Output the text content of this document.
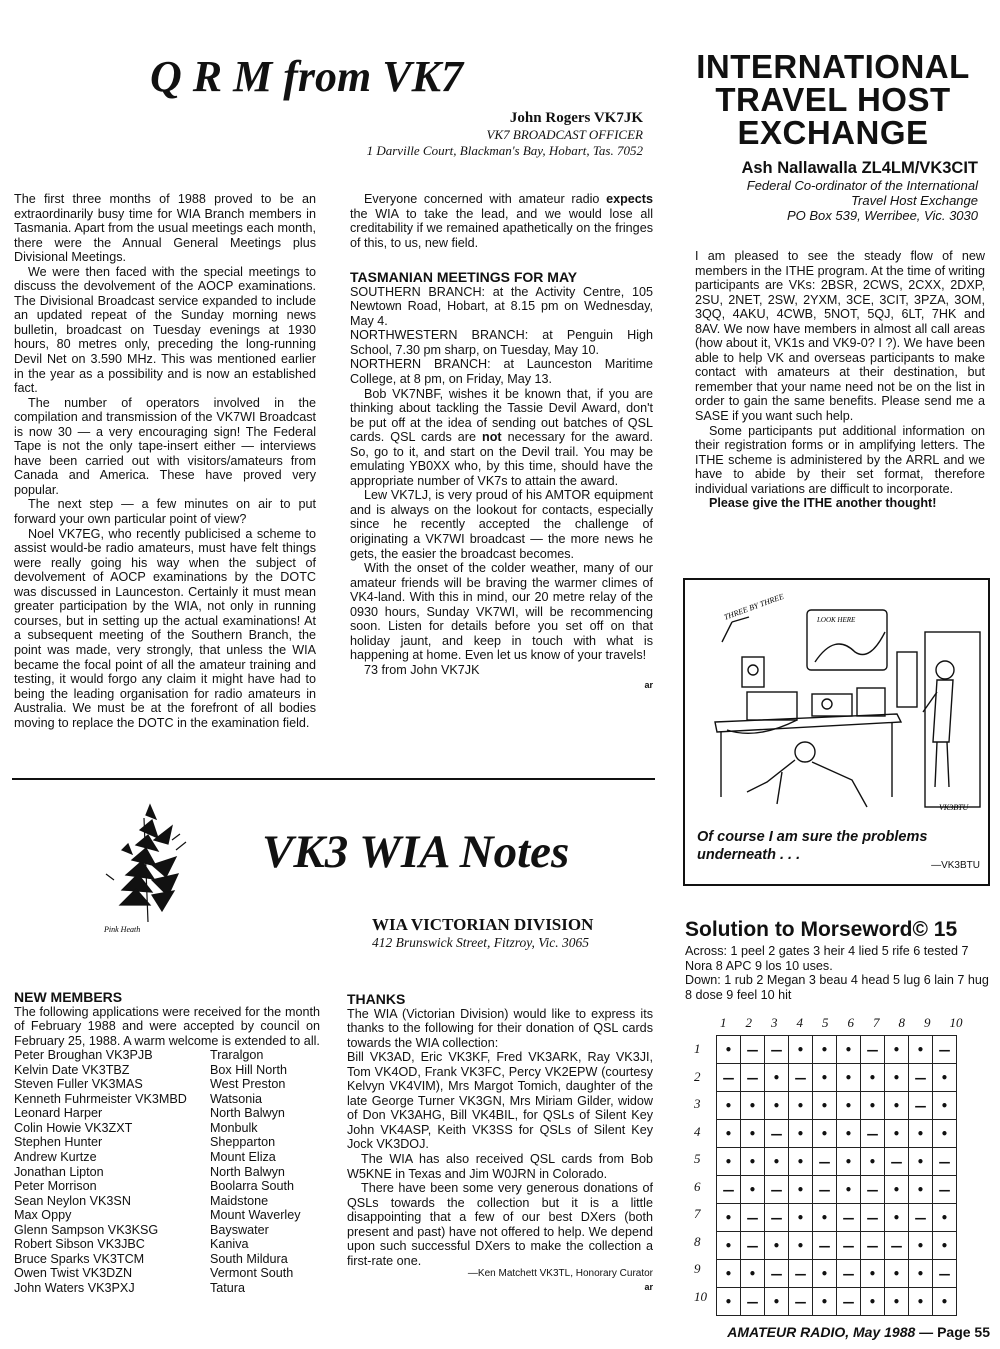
Q R M from VK7
John Rogers VK7JK
VK7 BROADCAST OFFICER
1 Darville Court, Blackman's Bay, Hobart, Tas. 7052

The first three months of 1988 proved to be an extraordinarily busy time for WIA Branch members in Tasmania. Apart from the usual meetings each month, there were the Annual General Meetings plus Divisional Meetings.

We were then faced with the special meetings to discuss the devolvement of the AOCP examinations. The Divisional Broadcast service expanded to include an updated repeat of the Sunday morning news bulletin, broadcast on Tuesday evenings at 1930 hours, 80 metres only, preceding the long-running Devil Net on 3.590 MHz. This was mentioned earlier in the year as a possibility and is now an established fact.

The number of operators involved in the compilation and transmission of the VK7WI Broadcast is now 30 — a very encouraging sign! The Federal Tape is not the only tape-insert either — interviews have been carried out with visitors/amateurs from Canada and America. These have proved very popular.

The next step — a few minutes on air to put forward your own particular point of view?

Noel VK7EG, who recently publicised a scheme to assist would-be radio amateurs, must have felt things were really going his way when the subject of devolvement of AOCP examinations by the DOTC was discussed in Launceston. Certainly it must mean greater participation by the WIA, not only in running courses, but in setting up the actual examinations! At a subsequent meeting of the Southern Branch, the point was made, very strongly, that unless the WIA became the focal point of all the amateur training and testing, it would forgo any claim it might have had to being the leading organisation for radio amateurs in Australia. We must be at the forefront of all bodies moving to replace the DOTC in the examination field.

Everyone concerned with amateur radio expects the WIA to take the lead, and we would lose all creditability if we remained apathetically on the fringes of this, to us, new field.

TASMANIAN MEETINGS FOR MAY

SOUTHERN BRANCH: at the Activity Centre, 105 Newtown Road, Hobart, at 8.15 pm on Wednesday, May 4.

NORTHWESTERN BRANCH: at Penguin High School, 7.30 pm sharp, on Tuesday, May 10.

NORTHERN BRANCH: at Launceston Maritime College, at 8 pm, on Friday, May 13.

Bob VK7NBF, wishes it be known that, if you are thinking about tackling the Tassie Devil Award, don't be put off at the idea of sending out batches of QSL cards. QSL cards are not necessary for the award. So, go to it, and start on the Devil trail. You may be emulating YB0XX who, by this time, should have the appropriate number of VK7s to attain the award.

Lew VK7LJ, is very proud of his AMTOR equipment and is always on the lookout for contacts, especially since he recently accepted the challenge of originating a VK7WI broadcast — the more news he gets, the easier the broadcast becomes.

With the onset of the colder weather, many of our amateur friends will be braving the warmer climes of VK4-land. With this in mind, our 20 metre relay of the 0930 hours, Sunday VK7WI, will be recommencing soon. Listen for details before you set off on that holiday jaunt, and keep in touch with what is happening at home. Even let us know of your travels!

73 from John VK7JK

ar
INTERNATIONAL
TRAVEL HOST
EXCHANGE
Ash Nallawalla ZL4LM/VK3CIT
Federal Co-ordinator of the International
Travel Host Exchange
PO Box 539, Werribee, Vic. 3030

I am pleased to see the steady flow of new members in the ITHE program. At the time of writing participants are VKs: 2BSR, 2CWS, 2CXX, 2DXP, 2SU, 2NET, 2SW, 2YXM, 3CE, 3CIT, 3PZA, 3OM, 3QQ, 4AKU, 4CWB, 5NOT, 5QJ, 6LT, 7HK and 8AV. We now have members in almost all call areas (how about it, VK1s and VK9-0? I ?). We have been able to help VK and overseas participants to make contact with amateurs at their destination, but remember that your name need not be on the list in order to gain the same benefits. Please send me a SASE if you want such help.

Some participants put additional information on their registration forms or in amplifying letters. The ITHE scheme is administered by the ARRL and we have to abide by their set format, therefore individual variations are difficult to incorporate.

Please give the ITHE another thought!

THREE BY THREE	LOOK HERE
VK3BTU
Of course I am sure the problems underneath . . .
—VK3BTU
Pink Heath
VK3 WIA Notes
WIA VICTORIAN DIVISION
412 Brunswick Street, Fitzroy, Vic. 3065

NEW MEMBERS

The following applications were received for the month of February 1988 and were accepted by council on February 25, 1988. A warm welcome is extended to all.

Peter Broughan VK3PJB	Traralgon
Kelvin Date VK3TBZ	Box Hill North
Steven Fuller VK3MAS	West Preston
Kenneth Fuhrmeister VK3MBD	Watsonia
Leonard Harper	North Balwyn
Colin Howie VK3ZXT	Monbulk
Stephen Hunter	Shepparton
Andrew Kurtze	Mount Eliza
Jonathan Lipton	North Balwyn
Peter Morrison	Boolarra South
Sean Neylon VK3SN	Maidstone
Max Oppy	Mount Waverley
Glenn Sampson VK3KSG	Bayswater
Robert Sibson VK3JBC	Kaniva
Bruce Sparks VK3TCM	South Mildura
Owen Twist VK3DZN	Vermont South
John Waters VK3PXJ	Tatura

THANKS

The WIA (Victorian Division) would like to express its thanks to the following for their donation of QSL cards towards the WIA collection:

Bill VK3AD, Eric VK3KF, Fred VK3ARK, Ray VK3JI, Tom VK4OD, Frank VK3FC, Percy VK2EPW (courtesy Kelvyn VK4VIM), Mrs Margot Tomich, daughter of the late George Turner VK3GN, Mrs Miriam Gilder, widow of Don VK3AHG, Bill VK4BIL, for QSLs of Silent Key John VK4ASP, Keith VK3SS for QSLs of Silent Key Jock VK3DOJ.

The WIA has also received QSL cards from Bob W5KNE in Texas and Jim W0JRN in Colorado.

There have been some very generous donations of QSLs towards the collection but it is a little disappointing that a few of our best DXers (both present and past) have not offered to help. We depend upon such successful DXers to make the collection a first-rate one.

—Ken Matchett VK3TL, Honorary Curator
ar
Solution to Morseword© 15
Across: 1 peel 2 gates 3 heir 4 lied 5 rife 6 tested 7 Nora 8 APC 9 los 10 uses.
Down: 1 rub 2 Megan 3 beau 4 head 5 lug 6 lain 7 hug 8 dose 9 feel 10 hit
1 2 3 4 5 6 7 8 9 10
1
2
3
4
5
6
7
8
9
10
•	—	—	•	•	•	—	•	•	—
—	—	•	—	•	•	•	•	—	•
•	•	•	•	•	•	•	•	—	•
•	•	—	•	•	•	—	•	•	•
•	•	•	•	—	•	•	—	•	—
—	•	—	•	—	•	—	•	•	—
•	—	—	•	•	—	—	•	—	•
•	—	•	•	—	—	—	—	•	•
•	•	—	—	•	—	•	•	•	—
•	—	•	—	•	—	•	•	•	•
AMATEUR RADIO, May 1988 — Page 55
